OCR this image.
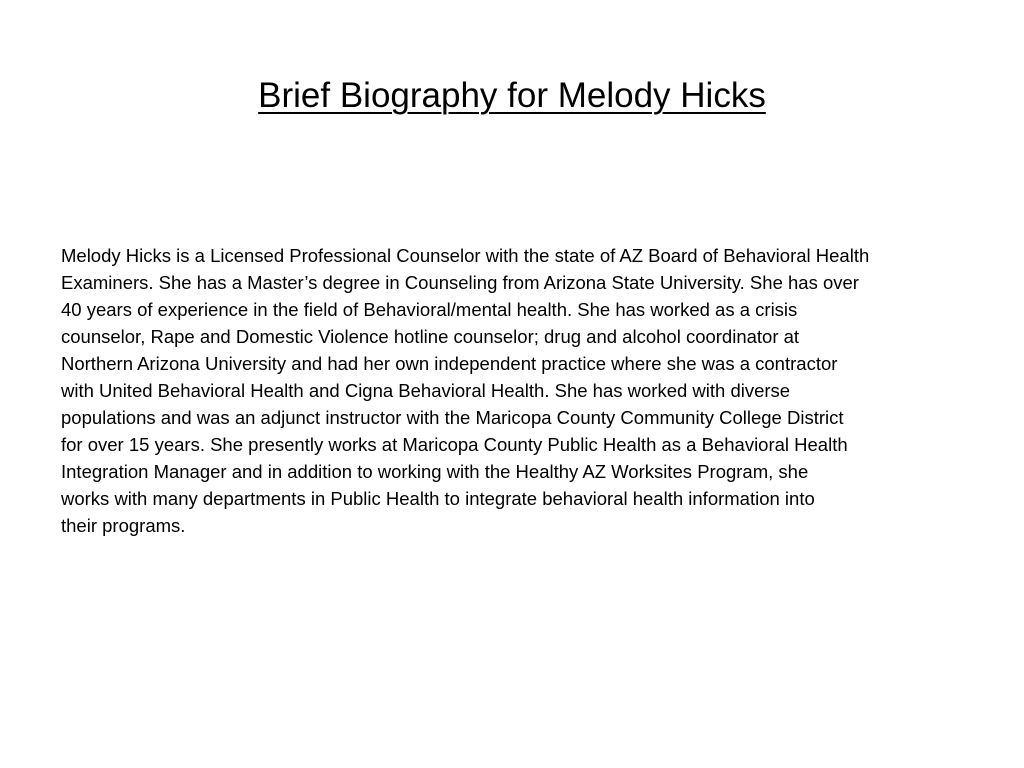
Brief Biography for Melody Hicks

Melody Hicks is a Licensed Professional Counselor with the state of AZ Board of Behavioral Health
Examiners. She has a Master’s degree in Counseling from Arizona State University. She has over
40 years of experience in the field of Behavioral/mental health. She has worked as a crisis
counselor, Rape and Domestic Violence hotline counselor; drug and alcohol coordinator at
Northern Arizona University and had her own independent practice where she was a contractor
with United Behavioral Health and Cigna Behavioral Health. She has worked with diverse
populations and was an adjunct instructor with the Maricopa County Community College District
for over 15 years. She presently works at Maricopa County Public Health as a Behavioral Health
Integration Manager and in addition to working with the Healthy AZ Worksites Program, she
works with many departments in Public Health to integrate behavioral health information into
their programs.
